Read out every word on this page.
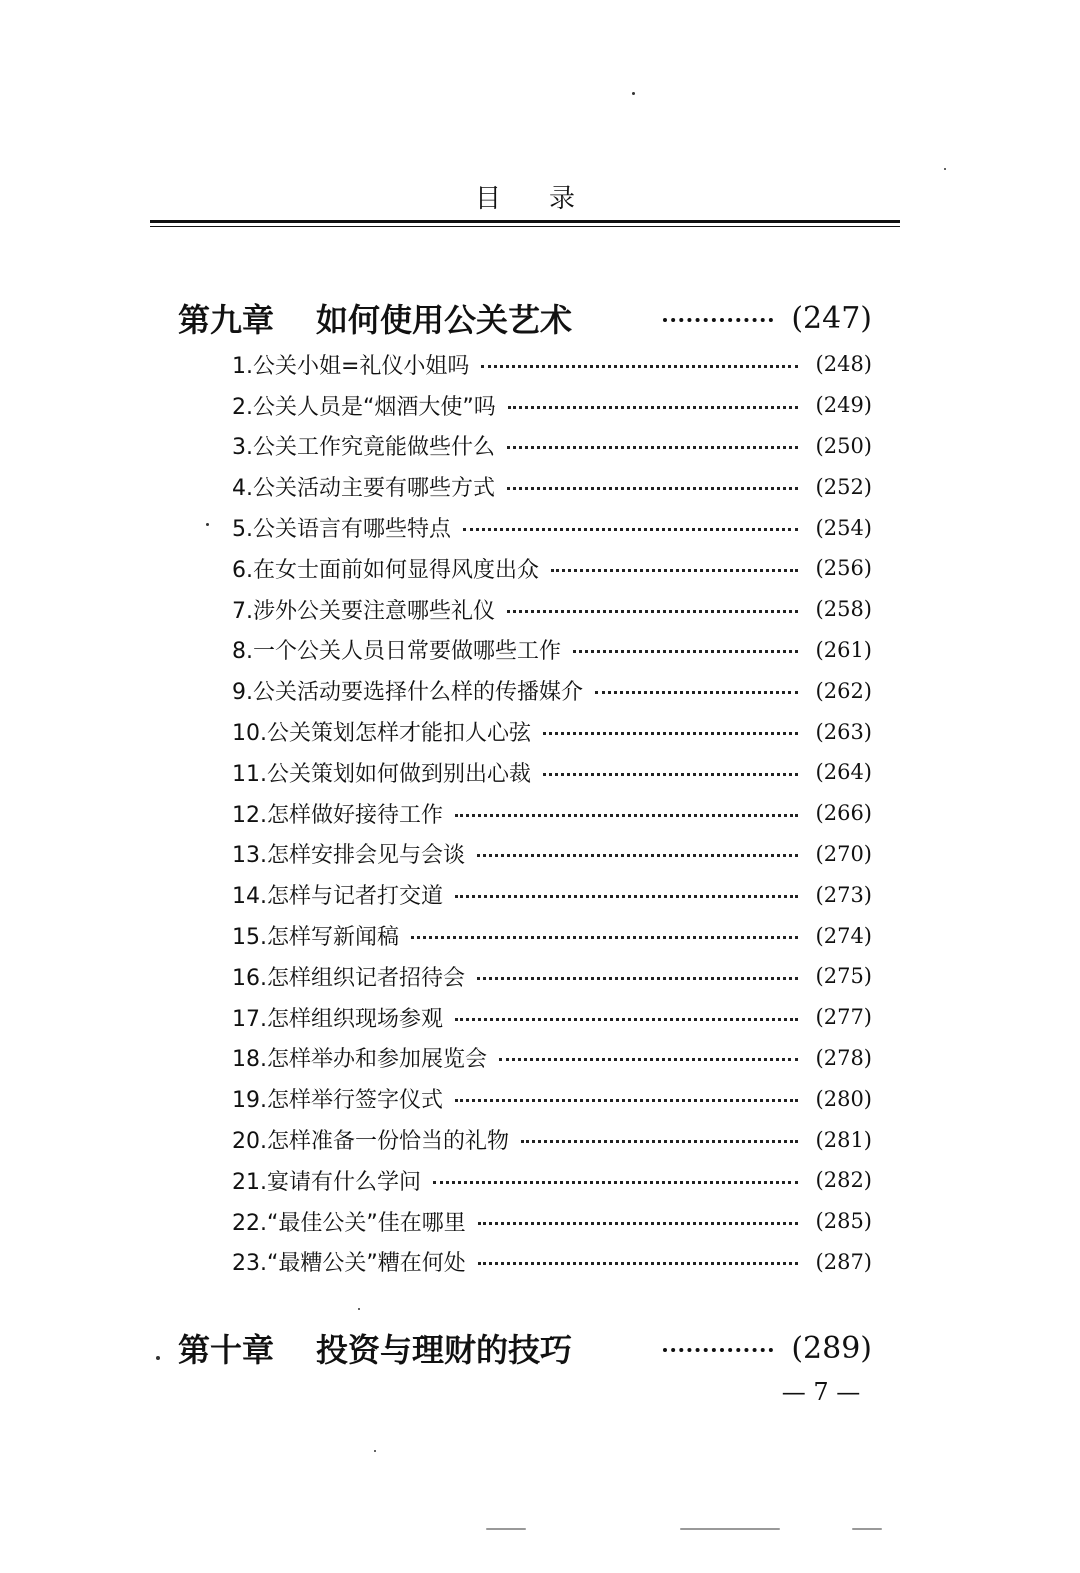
目录
第九章 如何使用公关艺术	(247)
1.公关小姐=礼仪小姐吗	(248)
2.公关人员是“烟酒大使”吗	(249)
3.公关工作究竟能做些什么	(250)
4.公关活动主要有哪些方式	(252)
5.公关语言有哪些特点	(254)
6.在女士面前如何显得风度出众	(256)
7.涉外公关要注意哪些礼仪	(258)
8.一个公关人员日常要做哪些工作	(261)
9.公关活动要选择什么样的传播媒介	(262)
10.公关策划怎样才能扣人心弦	(263)
11.公关策划如何做到别出心裁	(264)
12.怎样做好接待工作	(266)
13.怎样安排会见与会谈	(270)
14.怎样与记者打交道	(273)
15.怎样写新闻稿	(274)
16.怎样组织记者招待会	(275)
17.怎样组织现场参观	(277)
18.怎样举办和参加展览会	(278)
19.怎样举行签字仪式	(280)
20.怎样准备一份恰当的礼物	(281)
21.宴请有什么学问	(282)
22.“最佳公关”佳在哪里	(285)
23.“最糟公关”糟在何处	(287)
第十章 投资与理财的技巧	(289)
— 7 —
